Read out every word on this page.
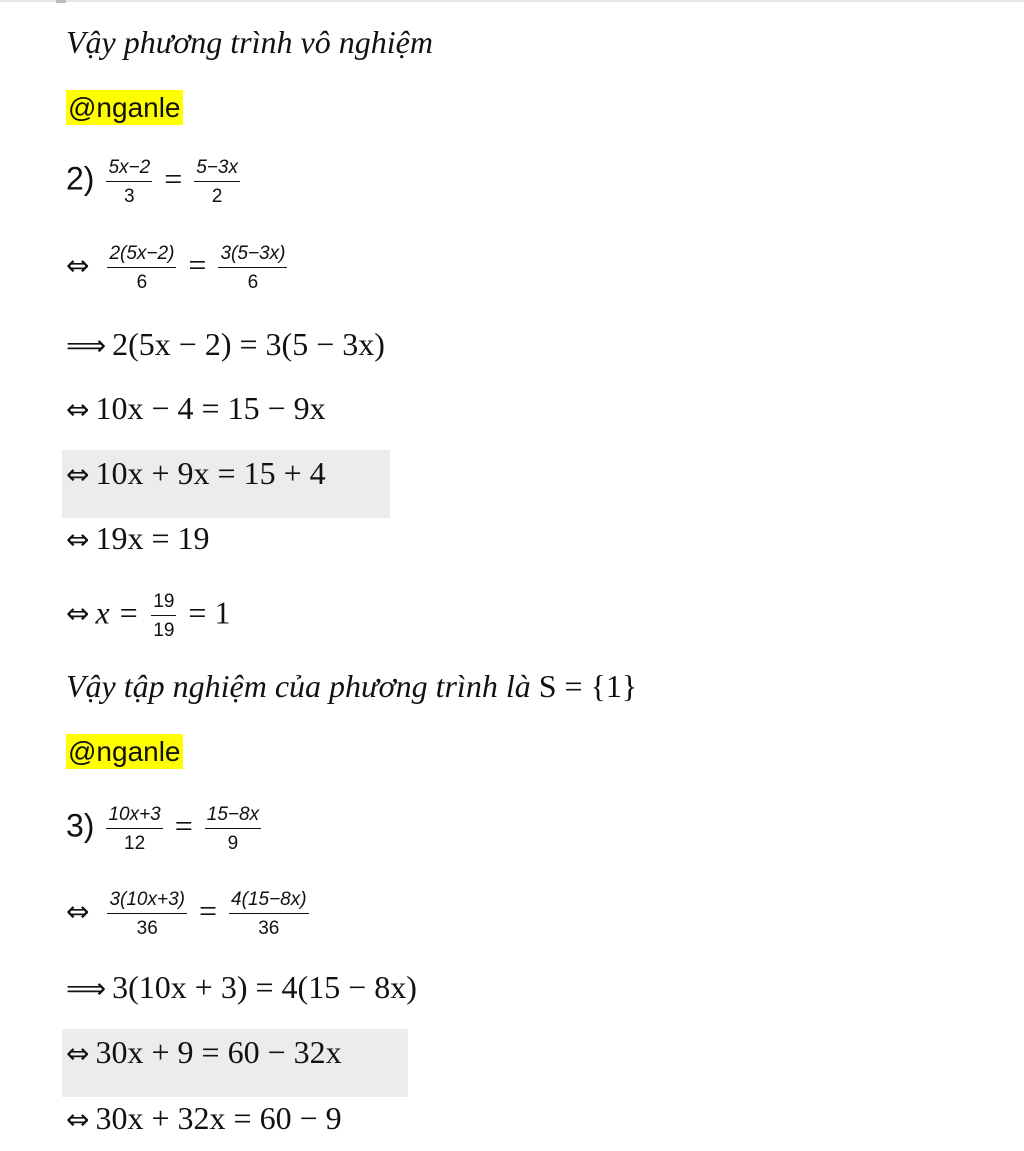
Vậy phương trình vô nghiệm
@nganle
$2) \frac{5x-2}{3} = \frac{5-3x}{2}$
⇔ $\frac{2(5x-2)}{6} = \frac{3(5-3x)}{6}$
⟹ 2(5x − 2) = 3(5 − 3x)
⇔ 10x − 4 = 15 − 9x
⇔ 10x + 9x = 15 + 4
⇔ 19x = 19
⇔ $x = \frac{19}{19} = 1$
Vậy tập nghiệm của phương trình là S = {1}
@nganle
$3) \frac{10x+3}{12} = \frac{15-8x}{9}$
⇔ $\frac{3(10x+3)}{36} = \frac{4(15-8x)}{36}$
⟹ 3(10x + 3) = 4(15 − 8x)
⇔ 30x + 9 = 60 − 32x
⇔ 30x + 32x = 60 − 9
